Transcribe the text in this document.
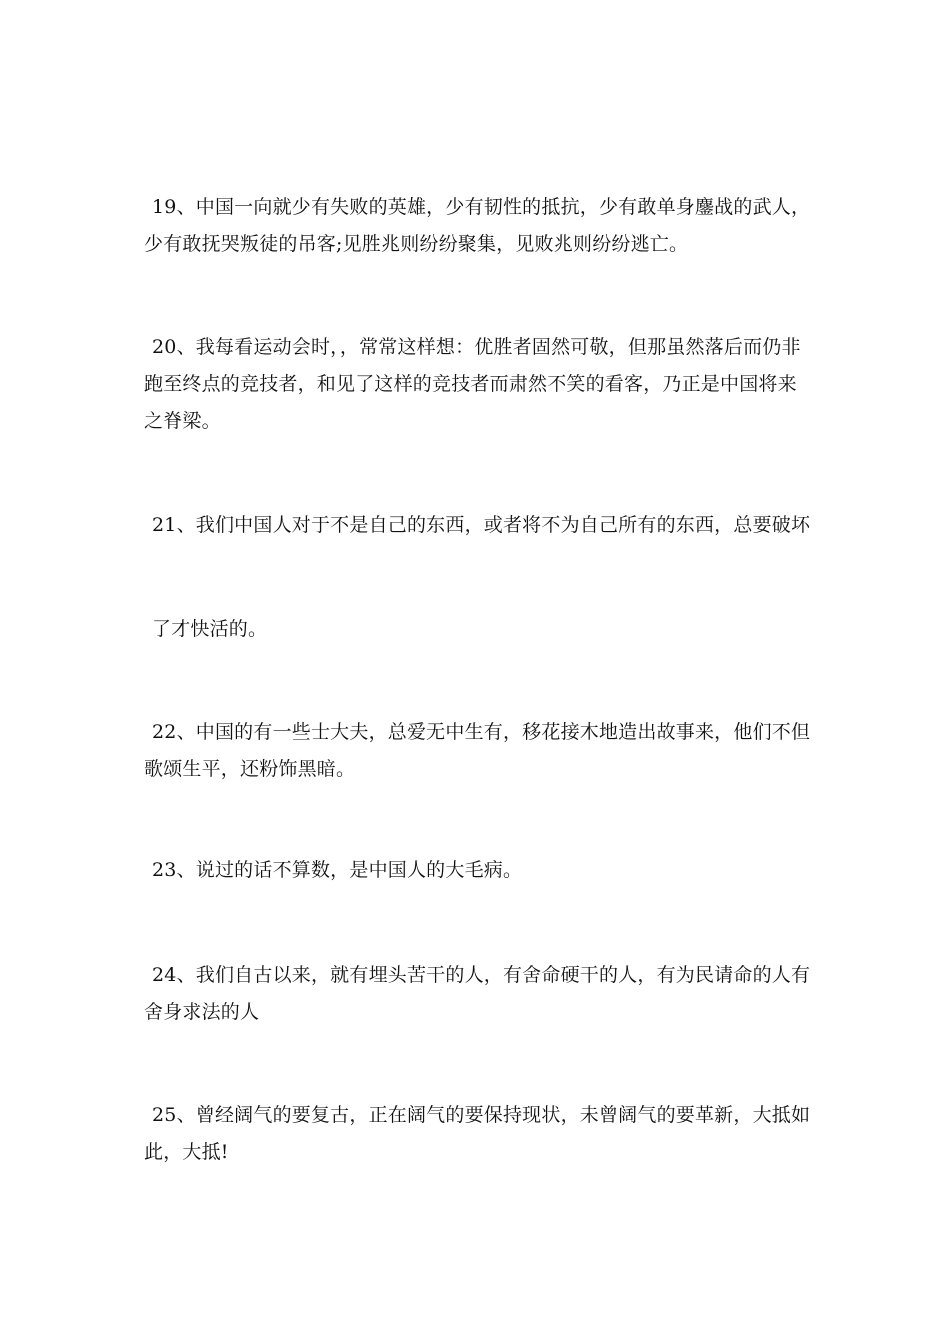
19、中国一向就少有失败的英雄，少有韧性的抵抗，少有敢单身鏖战的武人，
少有敢抚哭叛徒的吊客;见胜兆则纷纷聚集，见败兆则纷纷逃亡。

20、我每看运动会时，，常常这样想：优胜者固然可敬，但那虽然落后而仍非
跑至终点的竞技者，和见了这样的竞技者而肃然不笑的看客，乃正是中国将来
之脊梁。

21、我们中国人对于不是自己的东西，或者将不为自己所有的东西，总要破坏

了才快活的。

22、中国的有一些士大夫，总爱无中生有，移花接木地造出故事来，他们不但
歌颂生平，还粉饰黑暗。

23、说过的话不算数，是中国人的大毛病。

24、我们自古以来，就有埋头苦干的人，有舍命硬干的人，有为民请命的人有
舍身求法的人

25、曾经阔气的要复古，正在阔气的要保持现状，未曾阔气的要革新，大抵如
此，大抵!
